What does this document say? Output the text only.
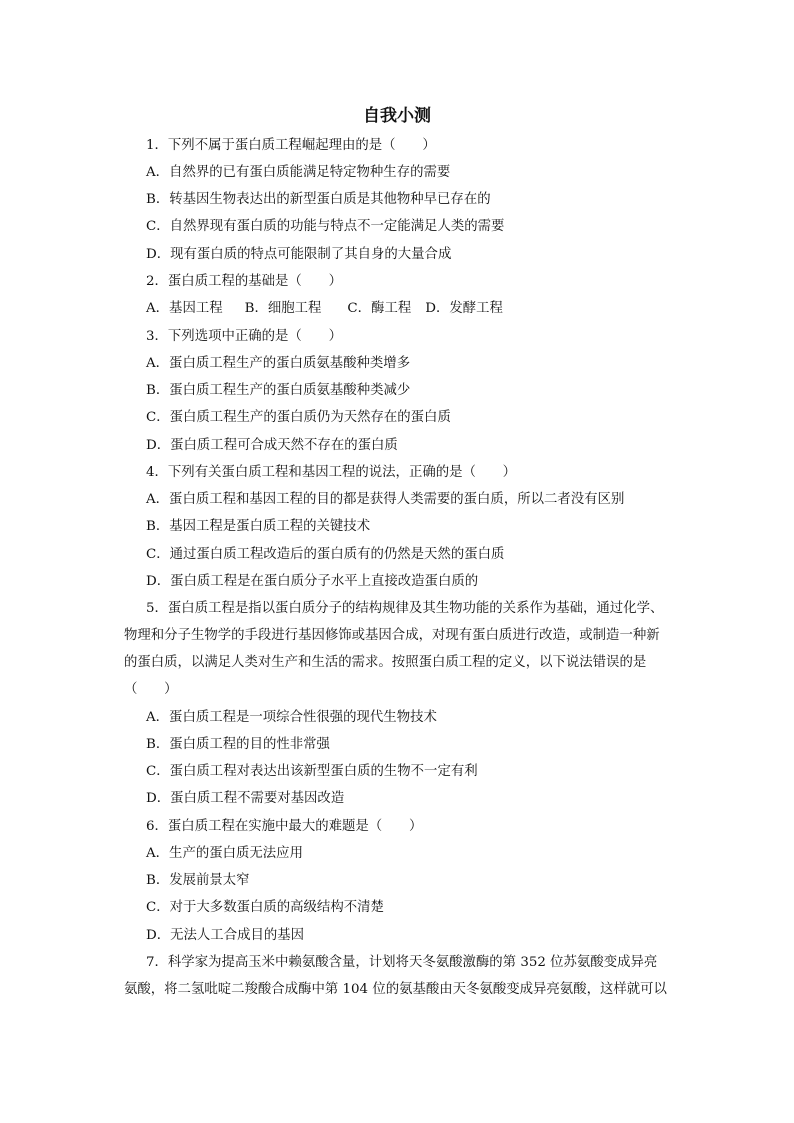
自我小测

1．下列不属于蛋白质工程崛起理由的是（　　）

A．自然界的已有蛋白质能满足特定物种生存的需要

B．转基因生物表达出的新型蛋白质是其他物种早已存在的

C．自然界现有蛋白质的功能与特点不一定能满足人类的需要

D．现有蛋白质的特点可能限制了其自身的大量合成

2．蛋白质工程的基础是（　　）

A．基因工程 B．细胞工程 C．酶工程 D．发酵工程

3．下列选项中正确的是（　　）

A．蛋白质工程生产的蛋白质氨基酸种类增多

B．蛋白质工程生产的蛋白质氨基酸种类减少

C．蛋白质工程生产的蛋白质仍为天然存在的蛋白质

D．蛋白质工程可合成天然不存在的蛋白质

4．下列有关蛋白质工程和基因工程的说法，正确的是（　　）

A．蛋白质工程和基因工程的目的都是获得人类需要的蛋白质，所以二者没有区别

B．基因工程是蛋白质工程的关键技术

C．通过蛋白质工程改造后的蛋白质有的仍然是天然的蛋白质

D．蛋白质工程是在蛋白质分子水平上直接改造蛋白质的

5．蛋白质工程是指以蛋白质分子的结构规律及其生物功能的关系作为基础，通过化学、

物理和分子生物学的手段进行基因修饰或基因合成，对现有蛋白质进行改造，或制造一种新

的蛋白质，以满足人类对生产和生活的需求。按照蛋白质工程的定义，以下说法错误的是

（　　）

A．蛋白质工程是一项综合性很强的现代生物技术

B．蛋白质工程的目的性非常强

C．蛋白质工程对表达出该新型蛋白质的生物不一定有利

D．蛋白质工程不需要对基因改造

6．蛋白质工程在实施中最大的难题是（　　）

A．生产的蛋白质无法应用

B．发展前景太窄

C．对于大多数蛋白质的高级结构不清楚

D．无法人工合成目的基因

7．科学家为提高玉米中赖氨酸含量，计划将天冬氨酸激酶的第 352 位苏氨酸变成异亮

氨酸，将二氢吡啶二羧酸合成酶中第 104 位的氨基酸由天冬氨酸变成异亮氨酸，这样就可以
